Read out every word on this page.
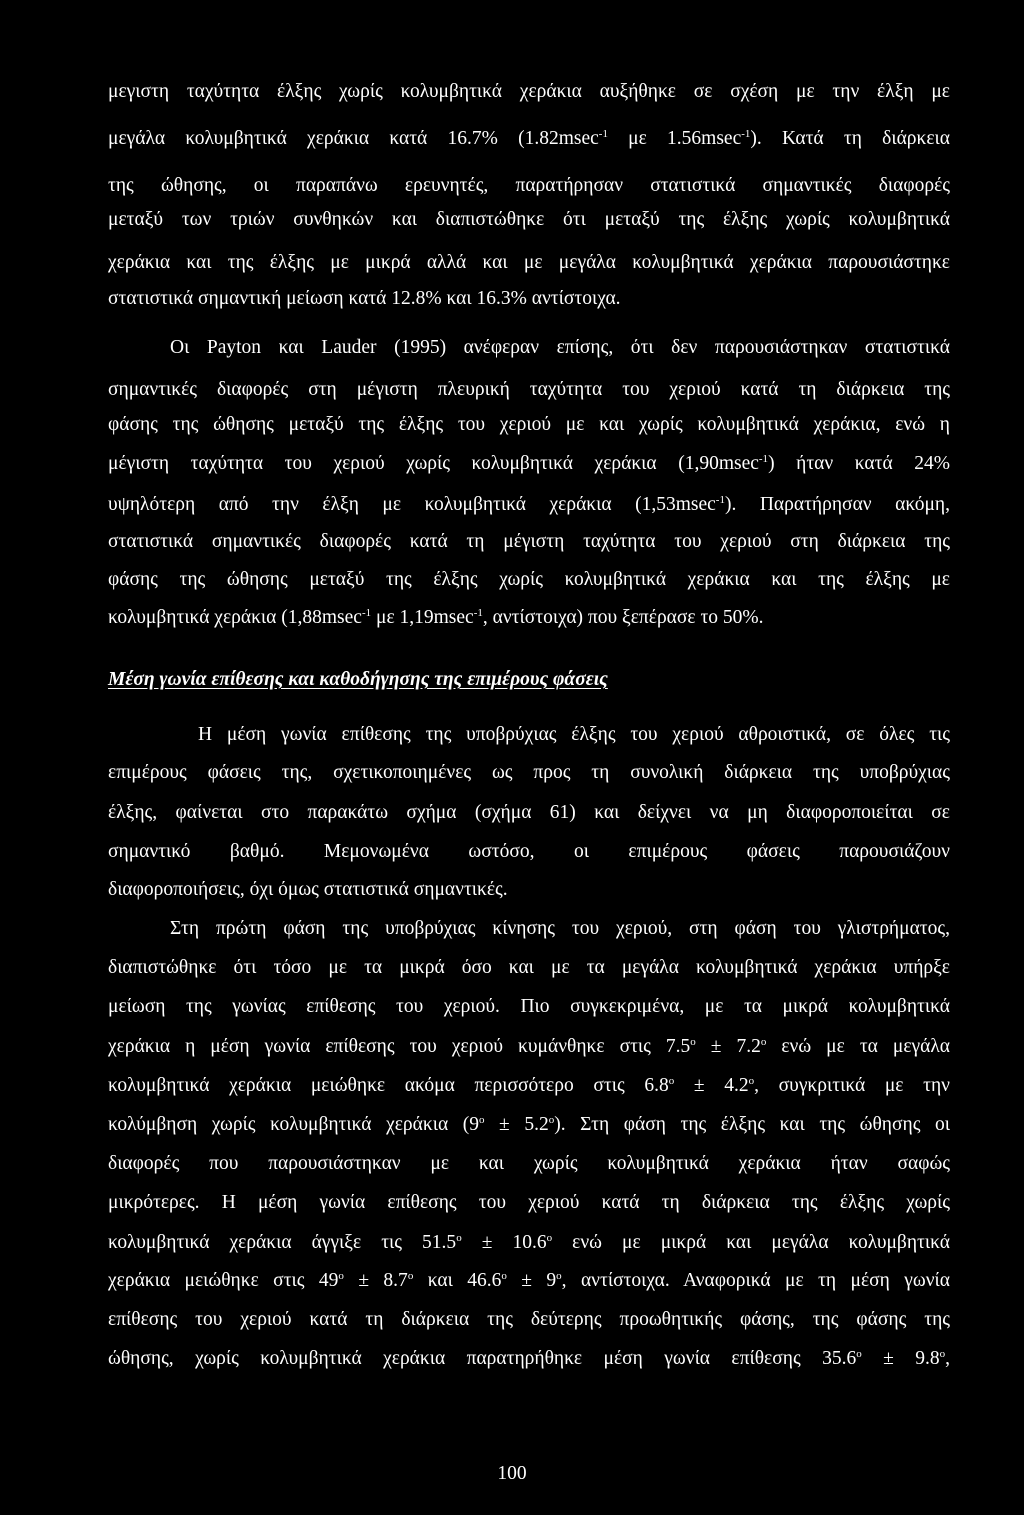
μεγιστη ταχύτητα έλξης χωρίς κολυμβητικά χεράκια αυξήθηκε σε σχέση με την έλξη με
μεγάλα κολυμβητικά χεράκια κατά 16.7% (1.82msec$^{-1}$ με 1.56msec$^{-1}$). Κατά τη διάρκεια
της ώθησης, οι παραπάνω ερευνητές, παρατήρησαν στατιστικά σημαντικές διαφορές
μεταξύ των τριών συνθηκών και διαπιστώθηκε ότι μεταξύ της έλξης χωρίς κολυμβητικά
χεράκια και της έλξης με μικρά αλλά και με μεγάλα κολυμβητικά χεράκια παρουσιάστηκε
στατιστικά σημαντική μείωση κατά 12.8% και 16.3% αντίστοιχα.
Οι Payton και Lauder (1995) ανέφεραν επίσης, ότι δεν παρουσιάστηκαν στατιστικά
σημαντικές διαφορές στη μέγιστη πλευρική ταχύτητα του χεριού κατά τη διάρκεια της
φάσης της ώθησης μεταξύ της έλξης του χεριού με και χωρίς κολυμβητικά χεράκια, ενώ η
μέγιστη ταχύτητα του χεριού χωρίς κολυμβητικά χεράκια (1,90msec$^{-1}$) ήταν κατά 24%
υψηλότερη από την έλξη με κολυμβητικά χεράκια (1,53msec$^{-1}$). Παρατήρησαν ακόμη,
στατιστικά σημαντικές διαφορές κατά τη μέγιστη ταχύτητα του χεριού στη διάρκεια της
φάσης της ώθησης μεταξύ της έλξης χωρίς κολυμβητικά χεράκια και της έλξης με
κολυμβητικά χεράκια (1,88msec$^{-1}$ με 1,19msec$^{-1}$, αντίστοιχα) που ξεπέρασε το 50%.
Μέση γωνία επίθεσης και καθοδήγησης της επιμέρους φάσεις
Η μέση γωνία επίθεσης της υποβρύχιας έλξης του χεριού αθροιστικά, σε όλες τις
επιμέρους φάσεις της, σχετικοποιημένες ως προς τη συνολική διάρκεια της υποβρύχιας
έλξης, φαίνεται στο παρακάτω σχήμα (σχήμα 61) και δείχνει να μη διαφοροποιείται σε
σημαντικό βαθμό. Μεμονωμένα ωστόσο, οι επιμέρους φάσεις παρουσιάζουν
διαφοροποιήσεις, όχι όμως στατιστικά σημαντικές.
Στη πρώτη φάση της υποβρύχιας κίνησης του χεριού, στη φάση του γλιστρήματος,
διαπιστώθηκε ότι τόσο με τα μικρά όσο και με τα μεγάλα κολυμβητικά χεράκια υπήρξε
μείωση της γωνίας επίθεσης του χεριού. Πιο συγκεκριμένα, με τα μικρά κολυμβητικά
χεράκια η μέση γωνία επίθεσης του χεριού κυμάνθηκε στις $7.5^o \pm 7.2^o$ ενώ με τα μεγάλα
κολυμβητικά χεράκια μειώθηκε ακόμα περισσότερο στις $6.8^o \pm 4.2^o$, συγκριτικά με την
κολύμβηση χωρίς κολυμβητικά χεράκια $(9^o \pm 5.2^o)$. Στη φάση της έλξης και της ώθησης οι
διαφορές που παρουσιάστηκαν με και χωρίς κολυμβητικά χεράκια ήταν σαφώς
μικρότερες. Η μέση γωνία επίθεσης του χεριού κατά τη διάρκεια της έλξης χωρίς
κολυμβητικά χεράκια άγγιξε τις $51.5^o \pm 10.6^o$ ενώ με μικρά και μεγάλα κολυμβητικά
χεράκια μειώθηκε στις $49^o \pm 8.7^o$ και $46.6^o \pm 9^o$, αντίστοιχα. Αναφορικά με τη μέση γωνία
επίθεσης του χεριού κατά τη διάρκεια της δεύτερης προωθητικής φάσης, της φάσης της
ώθησης, χωρίς κολυμβητικά χεράκια παρατηρήθηκε μέση γωνία επίθεσης $35.6^o \pm 9.8^o$,
100
